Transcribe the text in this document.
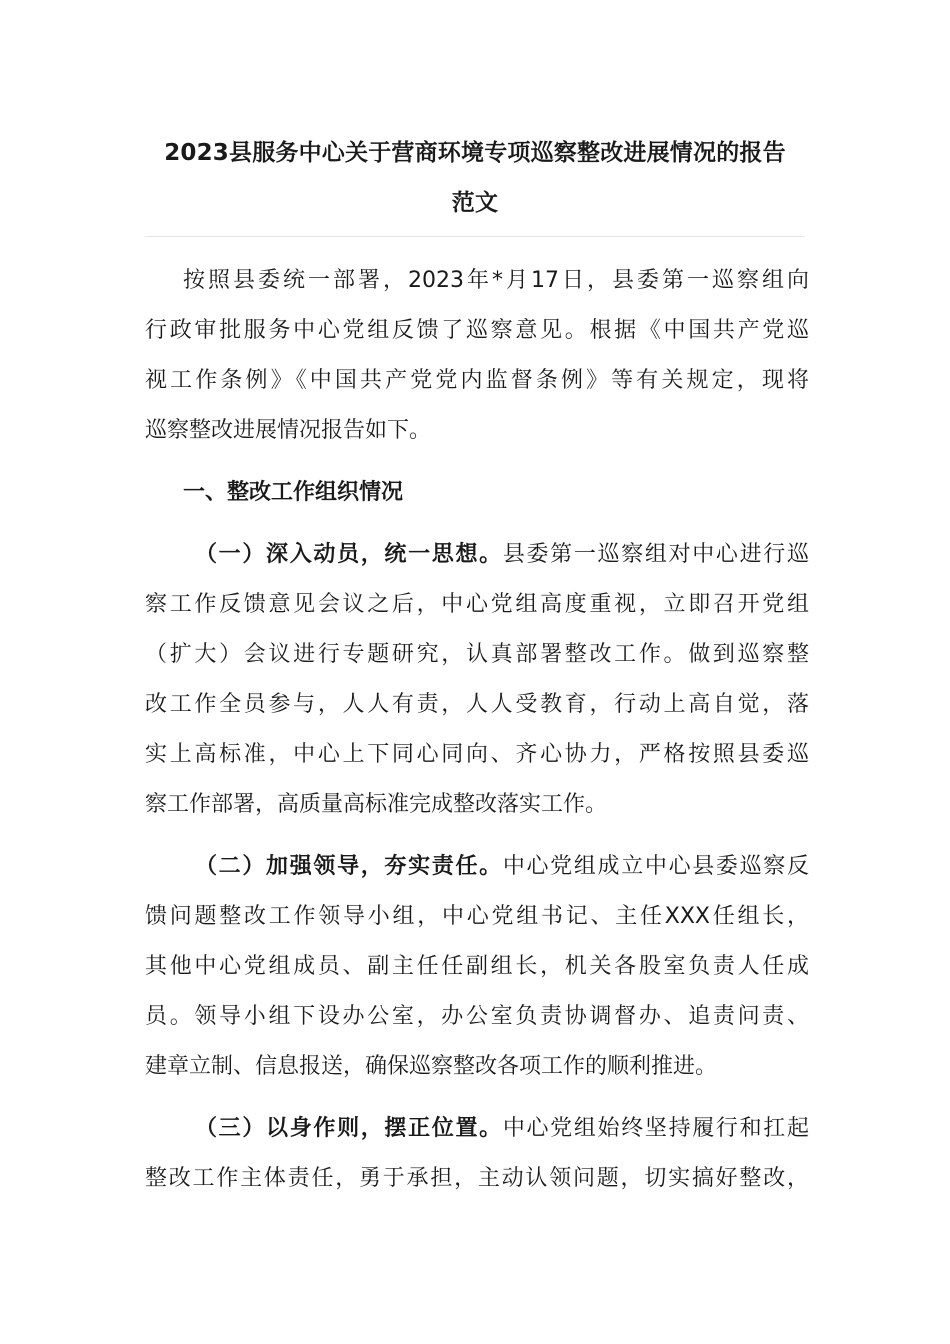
2023县服务中心关于营商环境专项巡察整改进展情况的报告
范文
按照县委统一部署，2023年*月17日，县委第一巡察组向
行政审批服务中心党组反馈了巡察意见。根据《中国共产党巡
视工作条例》《中国共产党党内监督条例》等有关规定，现将
巡察整改进展情况报告如下。
一、整改工作组织情况
（一）深入动员，统一思想。县委第一巡察组对中心进行巡
察工作反馈意见会议之后，中心党组高度重视，立即召开党组
（扩大）会议进行专题研究，认真部署整改工作。做到巡察整
改工作全员参与，人人有责，人人受教育，行动上高自觉，落
实上高标准，中心上下同心同向、齐心协力，严格按照县委巡
察工作部署，高质量高标准完成整改落实工作。
（二）加强领导，夯实责任。中心党组成立中心县委巡察反
馈问题整改工作领导小组，中心党组书记、主任XXX任组长，
其他中心党组成员、副主任任副组长，机关各股室负责人任成
员。领导小组下设办公室，办公室负责协调督办、追责问责、
建章立制、信息报送，确保巡察整改各项工作的顺利推进。
（三）以身作则，摆正位置。中心党组始终坚持履行和扛起
整改工作主体责任，勇于承担，主动认领问题，切实搞好整改，
